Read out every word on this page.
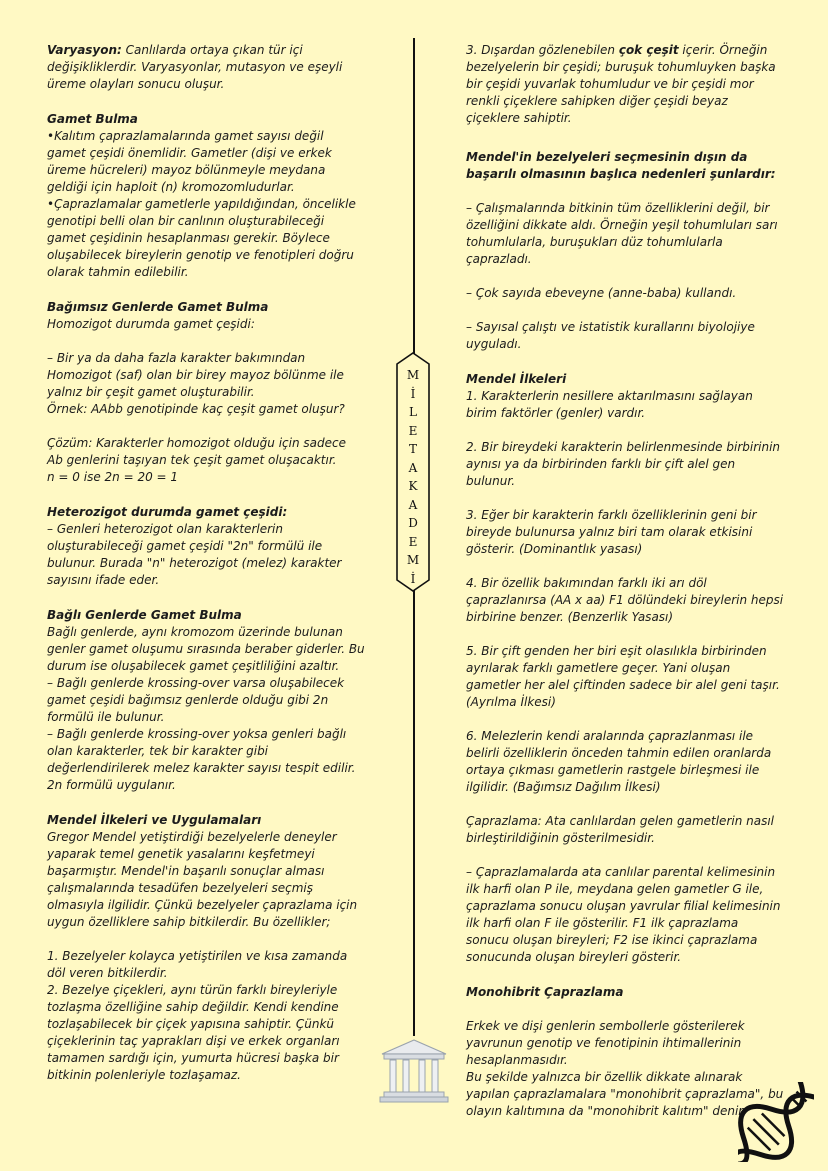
Varyasyon: Canlılarda ortaya çıkan tür içi değişikliklerdir. Varyasyonlar, mutasyon ve eşeyli üreme olayları sonucu oluşur.

Gamet Bulma

•Kalıtım çaprazlamalarında gamet sayısı değil gamet çeşidi önemlidir. Gametler (dişi ve erkek üreme hücreleri) mayoz bölünmeyle meydana geldiği için haploit (n) kromozomludurlar.

•Çaprazlamalar gametlerle yapıldığından, öncelikle genotipi belli olan bir canlının oluşturabileceği gamet çeşidinin hesaplanması gerekir. Böylece oluşabilecek bireylerin genotip ve fenotipleri doğru olarak tahmin edilebilir.

Bağımsız Genlerde Gamet Bulma

Homozigot durumda gamet çeşidi:

– Bir ya da daha fazla karakter bakımından Homozigot (saf) olan bir birey mayoz bölünme ile yalnız bir çeşit gamet oluşturabilir.

Örnek: AAbb genotipinde kaç çeşit gamet oluşur?

Çözüm: Karakterler homozigot olduğu için sadece Ab genlerini taşıyan tek çeşit gamet oluşacaktır.

n = 0 ise 2n = 20 = 1

Heterozigot durumda gamet çeşidi:

– Genleri heterozigot olan karakterlerin oluşturabileceği gamet çeşidi "2n" formülü ile bulunur. Burada "n" heterozigot (melez) karakter sayısını ifade eder.

Bağlı Genlerde Gamet Bulma

Bağlı genlerde, aynı kromozom üzerinde bulunan genler gamet oluşumu sırasında beraber giderler. Bu durum ise oluşabilecek gamet çeşitliliğini azaltır.

– Bağlı genlerde krossing-over varsa oluşabilecek gamet çeşidi bağımsız genlerde olduğu gibi 2n formülü ile bulunur.

– Bağlı genlerde krossing-over yoksa genleri bağlı olan karakterler, tek bir karakter gibi değerlendirilerek melez karakter sayısı tespit edilir. 2n formülü uygulanır.

Mendel İlkeleri ve Uygulamaları

Gregor Mendel yetiştirdiği bezelyelerle deneyler yaparak temel genetik yasalarını keşfetmeyi başarmıştır. Mendel'in başarılı sonuçlar alması çalışmalarında tesadüfen bezelyeleri seçmiş olmasıyla ilgilidir. Çünkü bezelyeler çaprazlama için uygun özelliklere sahip bitkilerdir. Bu özellikler;

1. Bezelyeler kolayca yetiştirilen ve kısa zamanda döl veren bitkilerdir.

2. Bezelye çiçekleri, aynı türün farklı bireyleriyle tozlaşma özelliğine sahip değildir. Kendi kendine tozlaşabilecek bir çiçek yapısına sahiptir. Çünkü çiçeklerinin taç yaprakları dişi ve erkek organları tamamen sardığı için, yumurta hücresi başka bir bitkinin polenleriyle tozlaşamaz.

3. Dışardan gözlenebilen çok çeşit içerir. Örneğin bezelyelerin bir çeşidi; buruşuk tohumluyken başka bir çeşidi yuvarlak tohumludur ve bir çeşidi mor renkli çiçeklere sahipken diğer çeşidi beyaz çiçeklere sahiptir.

Mendel'in bezelyeleri seçmesinin dışın da başarılı olmasının başlıca nedenleri şunlardır:

– Çalışmalarında bitkinin tüm özelliklerini değil, bir özelliğini dikkate aldı. Örneğin yeşil tohumluları sarı tohumlularla, buruşukları düz tohumlularla çaprazladı.

– Çok sayıda ebeveyne (anne-baba) kullandı.

– Sayısal çalıştı ve istatistik kurallarını biyolojiye uyguladı.

Mendel İlkeleri

1. Karakterlerin nesillere aktarılmasını sağlayan birim faktörler (genler) vardır.

2. Bir bireydeki karakterin belirlenmesinde birbirinin aynısı ya da birbirinden farklı bir çift alel gen bulunur.

3. Eğer bir karakterin farklı özelliklerinin geni bir bireyde bulunursa yalnız biri tam olarak etkisini gösterir. (Dominantlık yasası)

4. Bir özellik bakımından farklı iki arı döl çaprazlanırsa (AA x aa) F1 dölündeki bireylerin hepsi birbirine benzer. (Benzerlik Yasası)

5. Bir çift genden her biri eşit olasılıkla birbirinden ayrılarak farklı gametlere geçer. Yani oluşan gametler her alel çiftinden sadece bir alel geni taşır. (Ayrılma İlkesi)

6. Melezlerin kendi aralarında çaprazlanması ile belirli özelliklerin önceden tahmin edilen oranlarda ortaya çıkması gametlerin rastgele birleşmesi ile ilgilidir. (Bağımsız Dağılım İlkesi)

Çaprazlama: Ata canlılardan gelen gametlerin nasıl birleştirildiğinin gösterilmesidir.

– Çaprazlamalarda ata canlılar parental kelimesinin ilk harfi olan P ile, meydana gelen gametler G ile, çaprazlama sonucu oluşan yavrular filial kelimesinin ilk harfi olan F ile gösterilir. F1 ilk çaprazlama sonucu oluşan bireyleri; F2 ise ikinci çaprazlama sonucunda oluşan bireyleri gösterir.

Monohibrit Çaprazlama

Erkek ve dişi genlerin sembollerle gösterilerek yavrunun genotip ve fenotipinin ihtimallerinin hesaplanmasıdır.

Bu şekilde yalnızca bir özellik dikkate alınarak yapılan çaprazlamalara "monohibrit çaprazlama", bu olayın kalıtımına da "monohibrit kalıtım" denir.

M
İ
L
E
T
A
K
A
D
E
M
İ
